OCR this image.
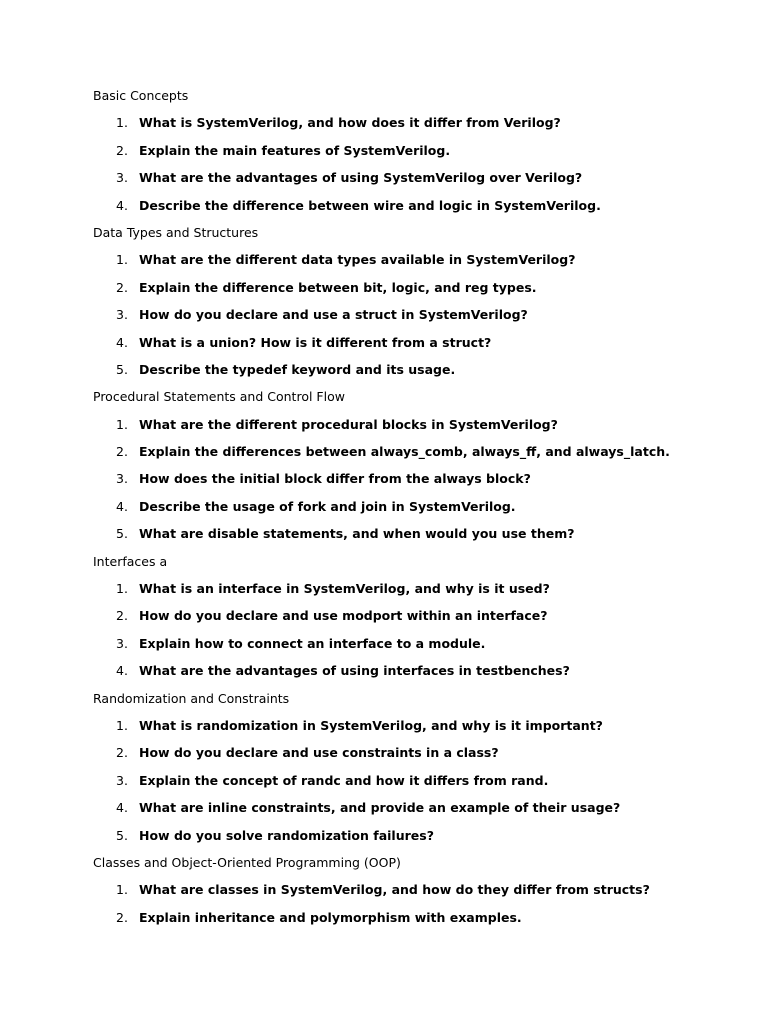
Basic Concepts
1. What is SystemVerilog, and how does it differ from Verilog?
2. Explain the main features of SystemVerilog.
3. What are the advantages of using SystemVerilog over Verilog?
4. Describe the difference between wire and logic in SystemVerilog.
Data Types and Structures
1. What are the different data types available in SystemVerilog?
2. Explain the difference between bit, logic, and reg types.
3. How do you declare and use a struct in SystemVerilog?
4. What is a union? How is it different from a struct?
5. Describe the typedef keyword and its usage.
Procedural Statements and Control Flow
1. What are the different procedural blocks in SystemVerilog?
2. Explain the differences between always_comb, always_ff, and always_latch.
3. How does the initial block differ from the always block?
4. Describe the usage of fork and join in SystemVerilog.
5. What are disable statements, and when would you use them?
Interfaces a
1. What is an interface in SystemVerilog, and why is it used?
2. How do you declare and use modport within an interface?
3. Explain how to connect an interface to a module.
4. What are the advantages of using interfaces in testbenches?
Randomization and Constraints
1. What is randomization in SystemVerilog, and why is it important?
2. How do you declare and use constraints in a class?
3. Explain the concept of randc and how it differs from rand.
4. What are inline constraints, and provide an example of their usage?
5. How do you solve randomization failures?
Classes and Object-Oriented Programming (OOP)
1. What are classes in SystemVerilog, and how do they differ from structs?
2. Explain inheritance and polymorphism with examples.
